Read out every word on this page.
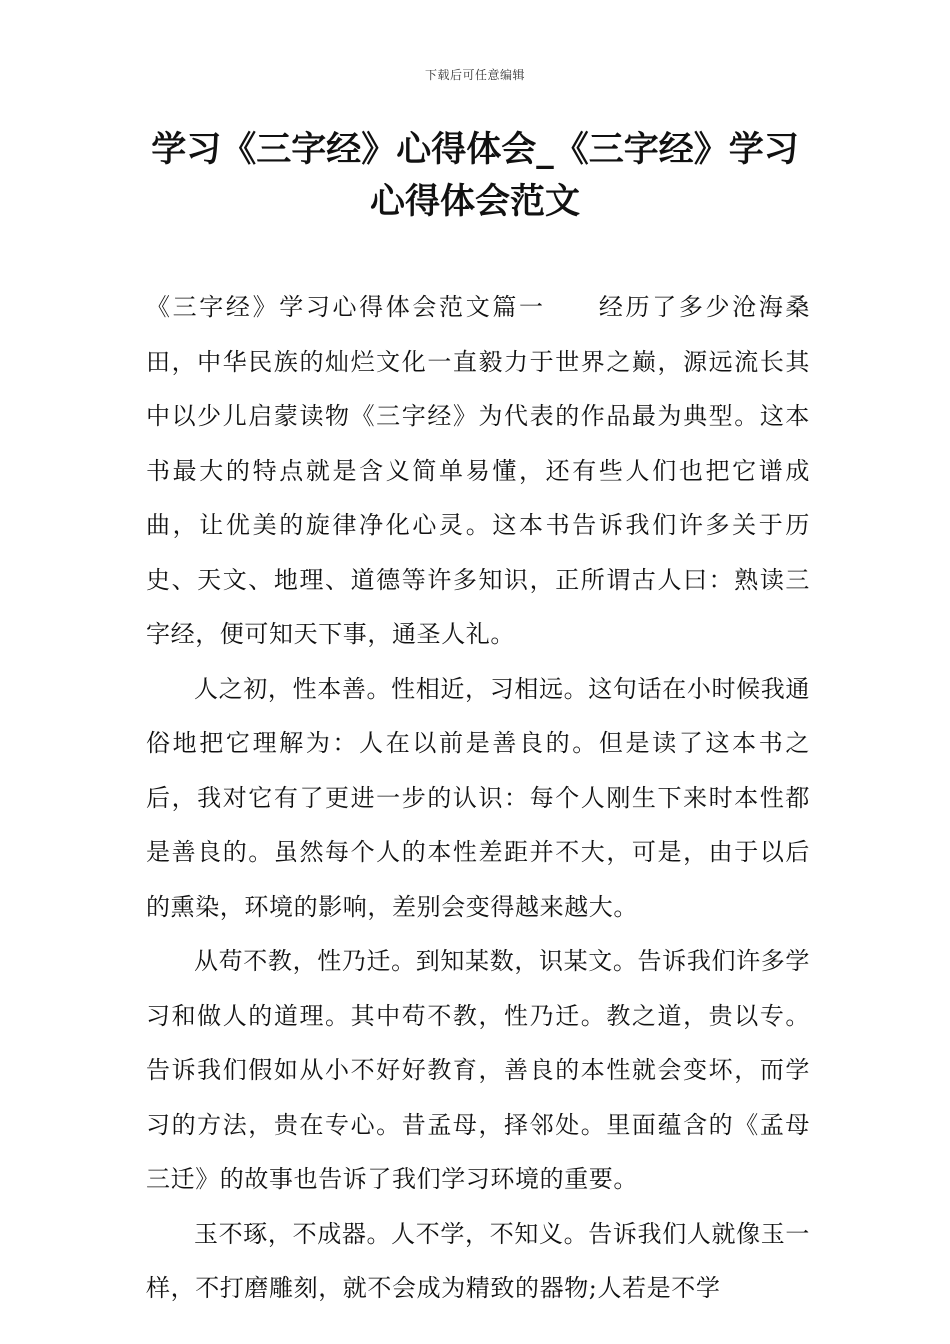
下载后可任意编辑
学习《三字经》心得体会_《三字经》学习心得体会范文

《三字经》学习心得体会范文篇一　　经历了多少沧海桑田，中华民族的灿烂文化一直毅力于世界之巅，源远流长其中以少儿启蒙读物《三字经》为代表的作品最为典型。这本书最大的特点就是含义简单易懂，还有些人们也把它谱成曲，让优美的旋律净化心灵。这本书告诉我们许多关于历史、天文、地理、道德等许多知识，正所谓古人曰：熟读三字经，便可知天下事，通圣人礼。

人之初，性本善。性相近，习相远。这句话在小时候我通俗地把它理解为：人在以前是善良的。但是读了这本书之后，我对它有了更进一步的认识：每个人刚生下来时本性都是善良的。虽然每个人的本性差距并不大，可是，由于以后的熏染，环境的影响，差别会变得越来越大。

从苟不教，性乃迁。到知某数，识某文。告诉我们许多学习和做人的道理。其中苟不教，性乃迁。教之道，贵以专。告诉我们假如从小不好好教育，善良的本性就会变坏，而学习的方法，贵在专心。昔孟母，择邻处。里面蕴含的《孟母三迁》的故事也告诉了我们学习环境的重要。

玉不琢，不成器。人不学，不知义。告诉我们人就像玉一样，不打磨雕刻，就不会成为精致的器物;人若是不学
